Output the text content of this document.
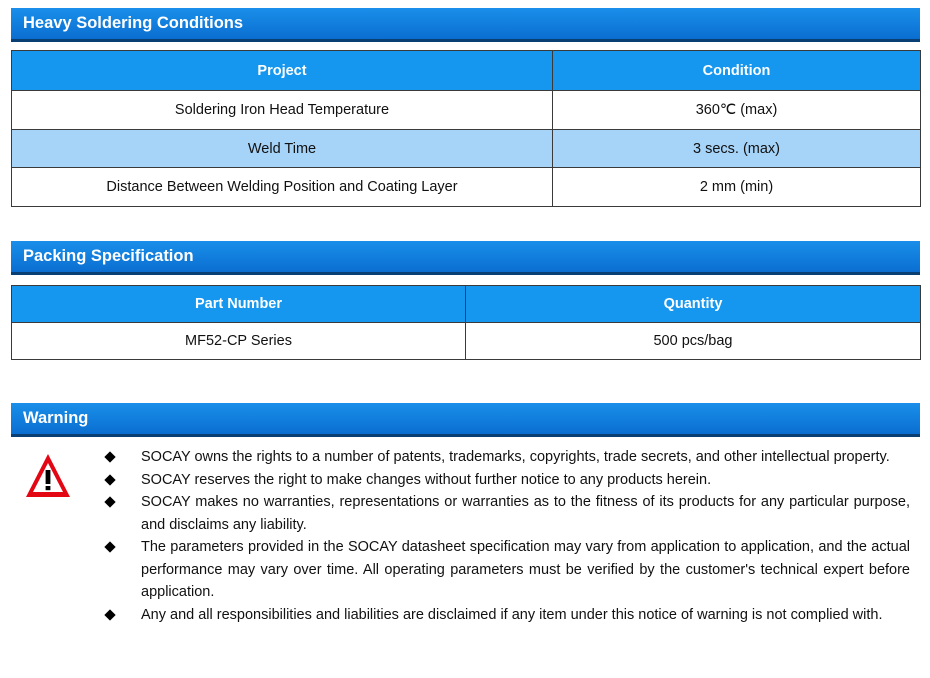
Heavy Soldering Conditions
Project	Condition
Soldering Iron Head Temperature	360℃ (max)
Weld Time	3 secs. (max)
Distance Between Welding Position and Coating Layer	2 mm (min)
Packing Specification
Part Number	Quantity
MF52-CP Series	500 pcs/bag
Warning
SOCAY owns the rights to a number of patents, trademarks, copyrights, trade secrets, and other intellectual property.
SOCAY reserves the right to make changes without further notice to any products herein.
SOCAY makes no warranties, representations or warranties as to the fitness of its products for any particular purpose, and disclaims any liability.
The parameters provided in the SOCAY datasheet specification may vary from application to application, and the actual performance may vary over time. All operating parameters must be verified by the customer's technical expert before application.
Any and all responsibilities and liabilities are disclaimed if any item under this notice of warning is not complied with.
